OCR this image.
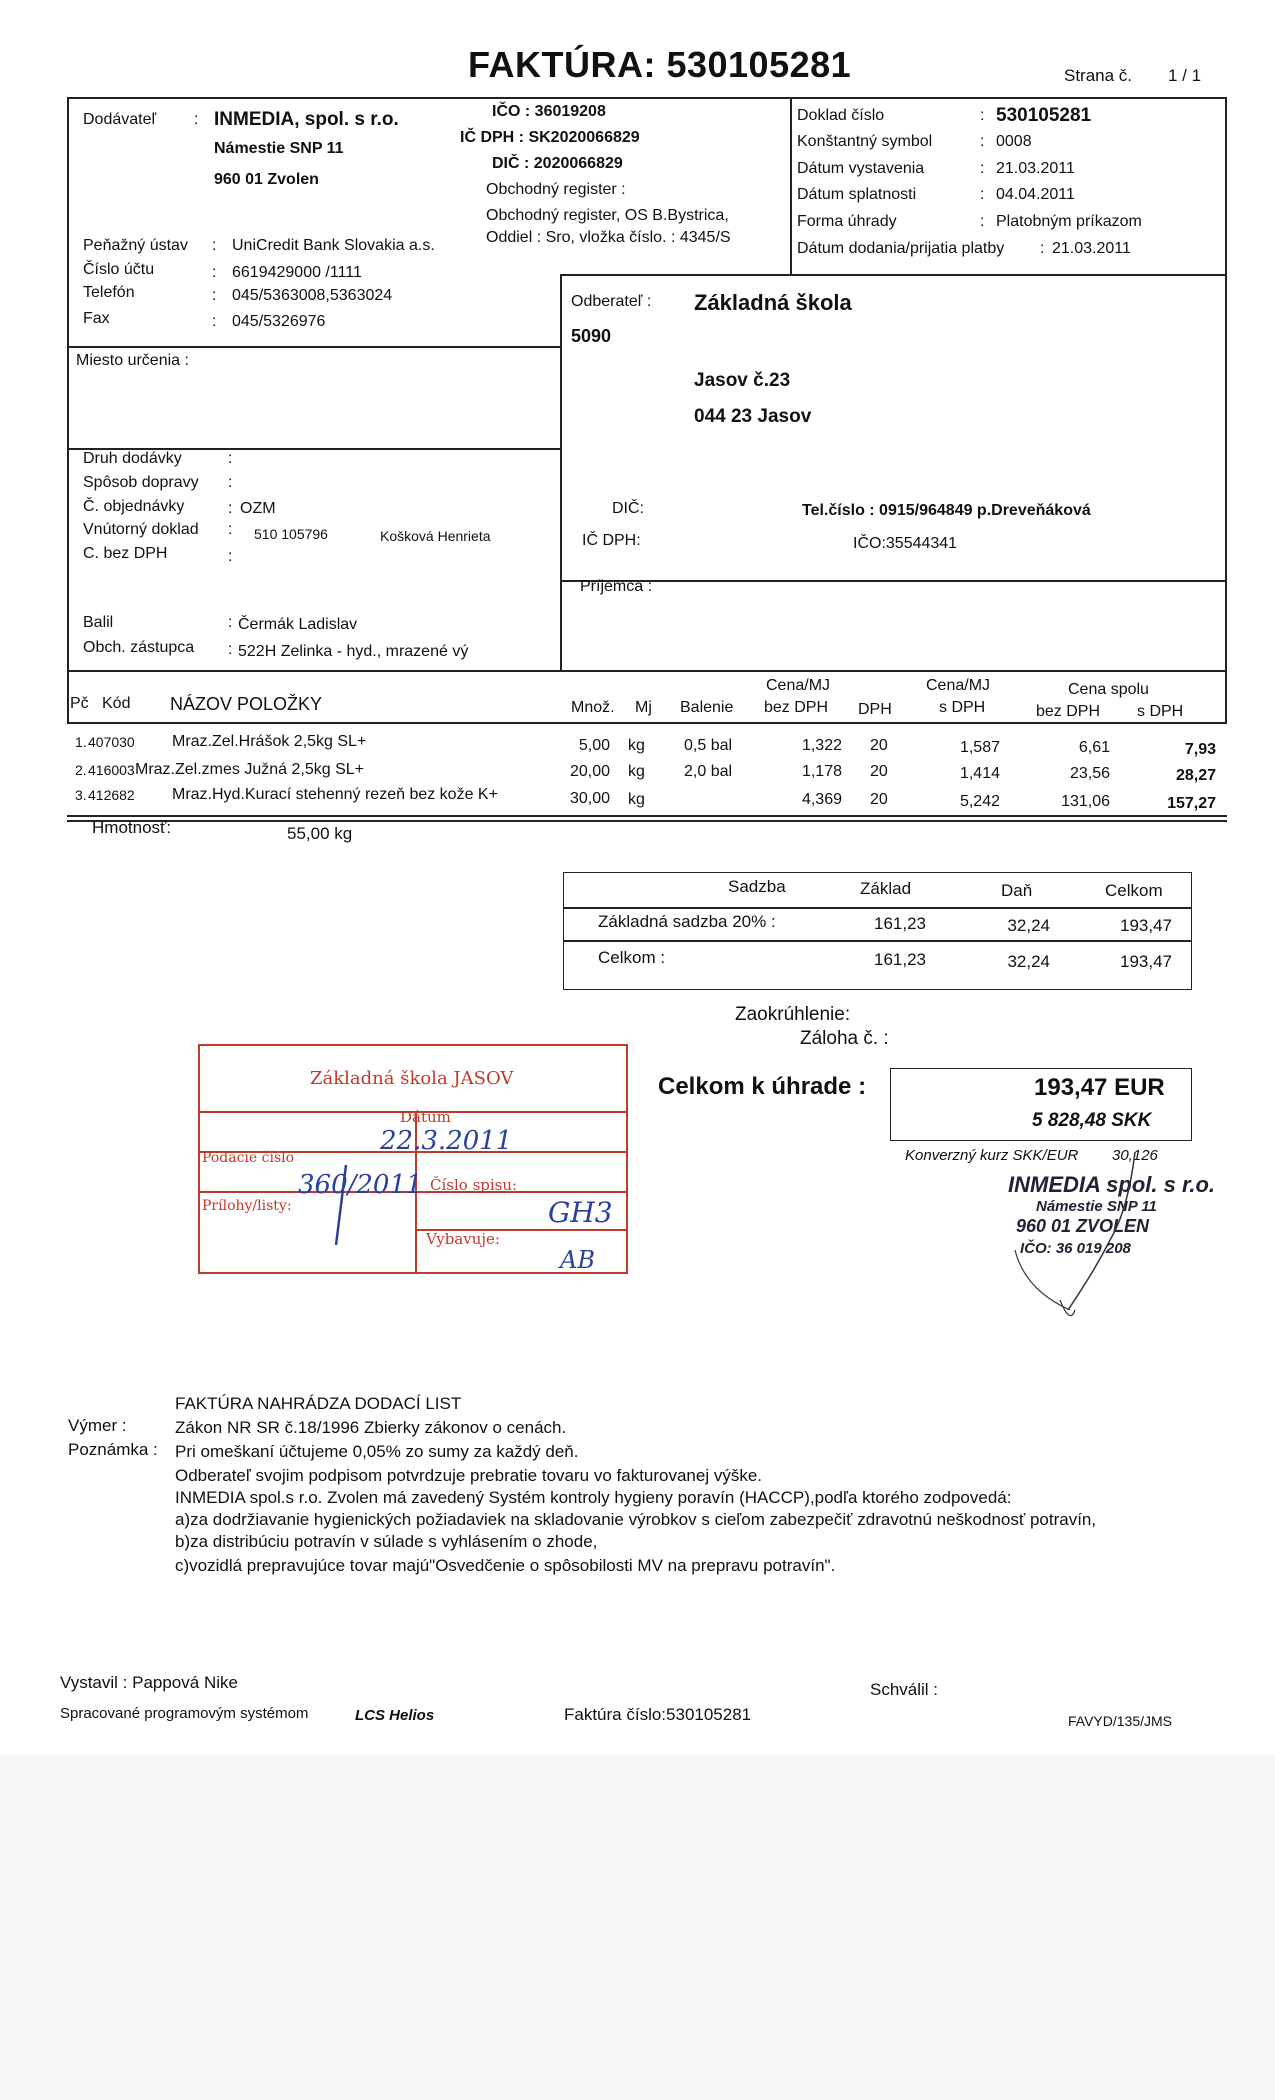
FAKTÚRA: 530105281	Strana č. 1 / 1
Dodávateľ : INMEDIA, spol. s r.o.
Námestie SNP 11
960 01 Zvolen
IČO : 36019208
IČ DPH : SK2020066829
DIČ : 2020066829
Obchodný register :
Obchodný register, OS B.Bystrica,
Oddiel : Sro, vložka číslo. : 4345/S
Peňažný ústav : UniCredit Bank Slovakia a.s.
Číslo účtu	: 6619429000 /1111
Telefón	: 045/5363008,5363024
Fax	: 045/5326976
Miesto určenia :
Doklad číslo	: 530105281
Konštantný symbol	: 0008
Dátum vystavenia	: 21.03.2011
Dátum splatnosti	: 04.04.2011
Forma úhrady	: Platobným príkazom
Dátum dodania/prijatia platby : 21.03.2011
Odberateľ : Základná škola
5090
Jasov č.23
044 23 Jasov
DIČ:
IČ DPH:
Tel.číslo : 0915/964849 p.Dreveňáková
IČO:35544341
Príjemca :
Druh dodávky	:
Spôsob dopravy :
Č. objednávky	: OZM
Vnútorný doklad : 510 105796	Košková Henrieta
C. bez DPH	:
Balil	: Čermák Ladislav
Obch. zástupca : 522H Zelinka - hyd., mrazené vý
Pč Kód NÁZOV POLOŽKY	Množ. Mj Balenie
Cena/MJ
bez DPH DPH
Cena/MJ
s DPH
Cena spolu
bez DPH s DPH
1. 407030 Mraz.Zel.Hrášok 2,5kg SL+	5,00 kg 0,5 bal	1,322 20	1,587	6,61	7,93
2. 416003 Mraz.Zel.zmes Južná 2,5kg SL+	20,00 kg 2,0 bal	1,178 20	1,414	23,56	28,27
3. 412682 Mraz.Hyd.Kurací stehenný rezeň bez kože K+	30,00 kg	4,369 20	5,242	131,06	157,27
Hmotnosť:	55,00 kg
Sadzba	Základ	Daň	Celkom
Základná sadzba 20% :	161,23	32,24	193,47
Celkom :	161,23	32,24	193,47
Zaokrúhlenie:
Záloha č. :
Celkom k úhrade :	193,47 EUR
5 828,48 SKK
Konverzný kurz SKK/EUR 30,126
Základná škola JASOV
Dátum
22.3.2011
Podacie číslo
360/2011 Číslo spisu:
GH3
Prílohy/listy:
Vybavuje:
AB
INMEDIA spol. s r.o.
Námestie SNP 11
960 01 ZVOLEN
IČO: 36 019 208
FAKTÚRA NAHRÁDZA DODACÍ LIST
Výmer :	Zákon NR SR č.18/1996 Zbierky zákonov o cenách.
Poznámka : Pri omeškaní účtujeme 0,05% zo sumy za každý deň.
Odberateľ svojim podpisom potvrdzuje prebratie tovaru vo fakturovanej výške.
INMEDIA spol.s r.o. Zvolen má zavedený Systém kontroly hygieny poravín (HACCP),podľa ktorého zodpovedá:
a)za dodržiavanie hygienických požiadaviek na skladovanie výrobkov s cieľom zabezpečiť zdravotnú neškodnosť potravín,
b)za distribúciu potravín v súlade s vyhlásením o zhode,
c)vozidlá prepravujúce tovar majú"Osvedčenie o spôsobilosti MV na prepravu potravín".
Vystavil : Pappová Nike	Schválil :
Spracované programovým systémom	LCS Helios	Faktúra číslo:530105281	FAVYD/135/JMS
